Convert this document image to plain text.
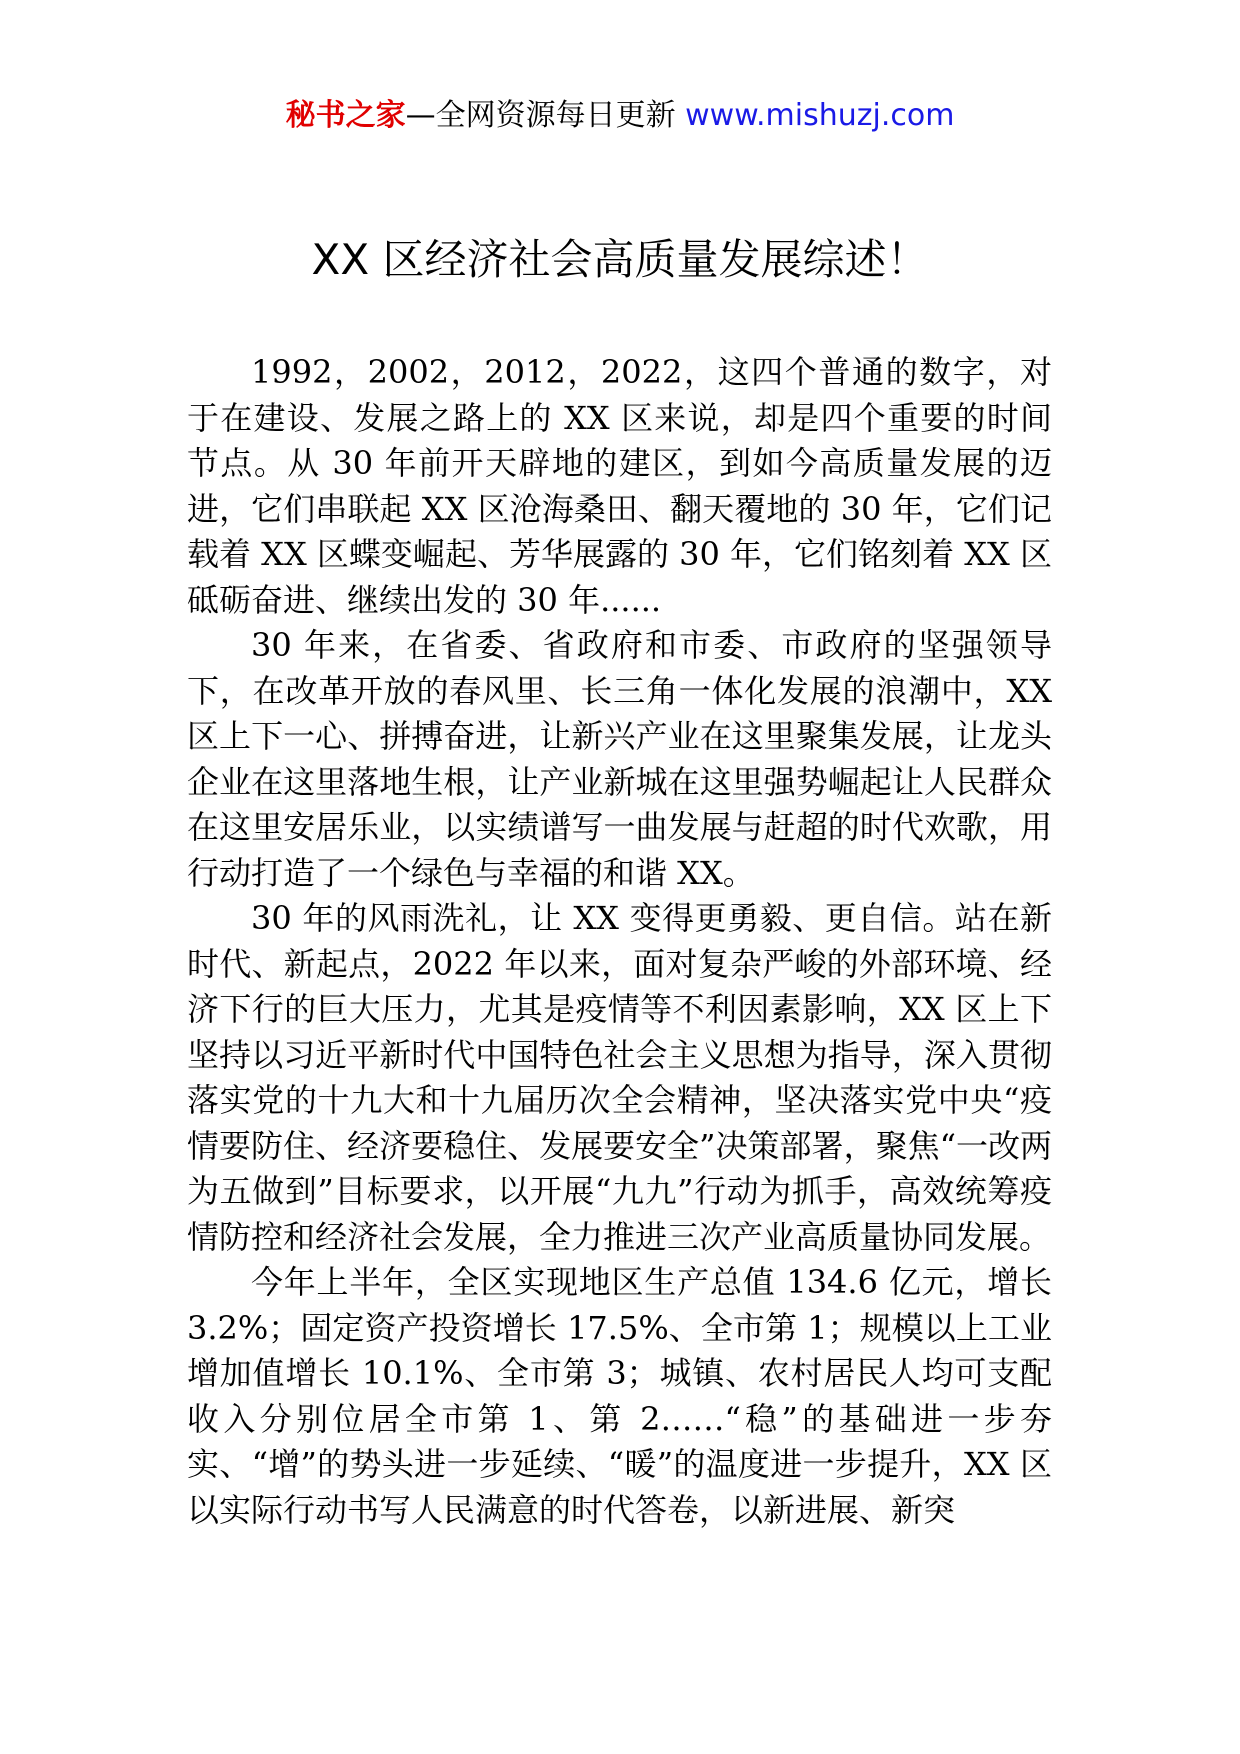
秘书之家—全网资源每日更新 www.mishuzj.com
XX 区经济社会高质量发展综述！

1992，2002，2012，2022，这四个普通的数字，对于在建设、发展之路上的 XX 区来说，却是四个重要的时间节点。从 30 年前开天辟地的建区，到如今高质量发展的迈进，它们串联起 XX 区沧海桑田、翻天覆地的 30 年，它们记载着 XX 区蝶变崛起、芳华展露的 30 年，它们铭刻着 XX 区砥砺奋进、继续出发的 30 年......

30 年来，在省委、省政府和市委、市政府的坚强领导下，在改革开放的春风里、长三角一体化发展的浪潮中，XX 区上下一心、拼搏奋进，让新兴产业在这里聚集发展，让龙头企业在这里落地生根，让产业新城在这里强势崛起让人民群众在这里安居乐业，以实绩谱写一曲发展与赶超的时代欢歌，用行动打造了一个绿色与幸福的和谐 XX。

30 年的风雨洗礼，让 XX 变得更勇毅、更自信。站在新时代、新起点，2022 年以来，面对复杂严峻的外部环境、经济下行的巨大压力，尤其是疫情等不利因素影响，XX 区上下坚持以习近平新时代中国特色社会主义思想为指导，深入贯彻落实党的十九大和十九届历次全会精神，坚决落实党中央“疫情要防住、经济要稳住、发展要安全”决策部署，聚焦“一改两为五做到”目标要求，以开展“九九”行动为抓手，高效统筹疫情防控和经济社会发展，全力推进三次产业高质量协同发展。

今年上半年，全区实现地区生产总值 134.6 亿元，增长 3.2%；固定资产投资增长 17.5%、全市第 1；规模以上工业增加值增长 10.1%、全市第 3；城镇、农村居民人均可支配收入分别位居全市第 1、第 2……“稳”的基础进一步夯实、“增”的势头进一步延续、“暖”的温度进一步提升，XX 区以实际行动书写人民满意的时代答卷，以新进展、新突
